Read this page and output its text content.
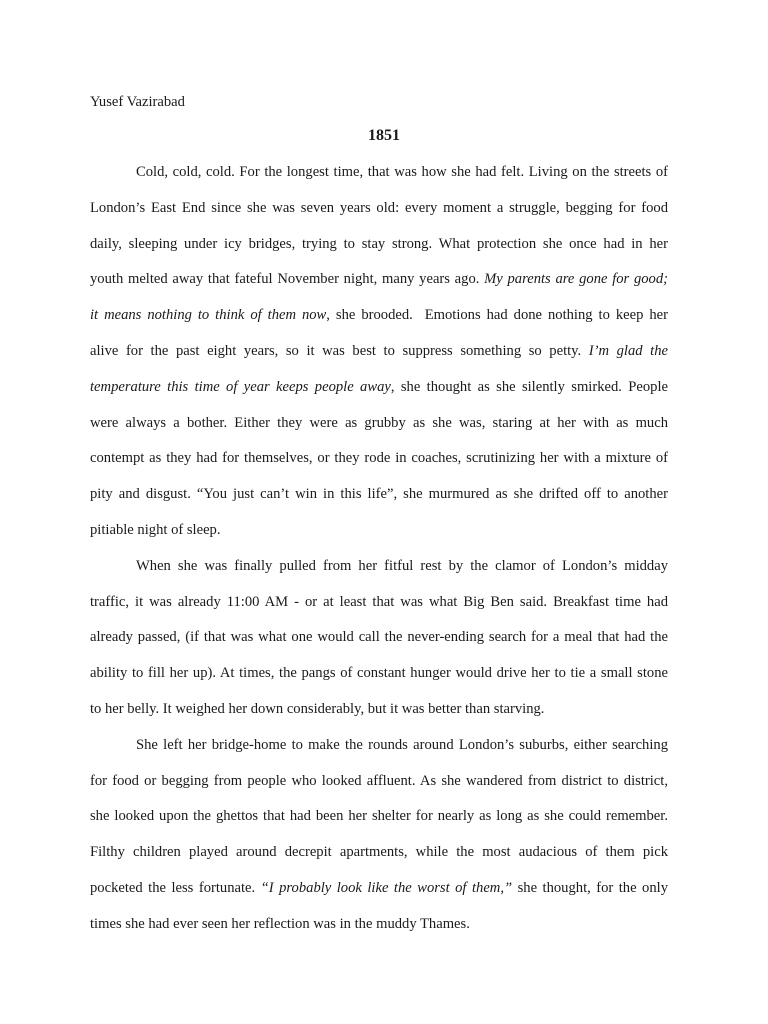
Yusef Vazirabad
1851
Cold, cold, cold. For the longest time, that was how she had felt. Living on the streets of
London’s East End since she was seven years old: every moment a struggle, begging for food
daily, sleeping under icy bridges, trying to stay strong. What protection she once had in her
youth melted away that fateful November night, many years ago. My parents are gone for good;
it means nothing to think of them now, she brooded.  Emotions had done nothing to keep her
alive for the past eight years, so it was best to suppress something so petty. I’m glad the
temperature this time of year keeps people away, she thought as she silently smirked. People
were always a bother. Either they were as grubby as she was, staring at her with as much
contempt as they had for themselves, or they rode in coaches, scrutinizing her with a mixture of
pity and disgust. “You just can’t win in this life”, she murmured as she drifted off to another
pitiable night of sleep.
When she was finally pulled from her fitful rest by the clamor of London’s midday
traffic, it was already 11:00 AM - or at least that was what Big Ben said. Breakfast time had
already passed, (if that was what one would call the never-ending search for a meal that had the
ability to fill her up). At times, the pangs of constant hunger would drive her to tie a small stone
to her belly. It weighed her down considerably, but it was better than starving.
She left her bridge-home to make the rounds around London’s suburbs, either searching
for food or begging from people who looked affluent. As she wandered from district to district,
she looked upon the ghettos that had been her shelter for nearly as long as she could remember.
Filthy children played around decrepit apartments, while the most audacious of them pick
pocketed the less fortunate. “I probably look like the worst of them,” she thought, for the only
times she had ever seen her reflection was in the muddy Thames.
